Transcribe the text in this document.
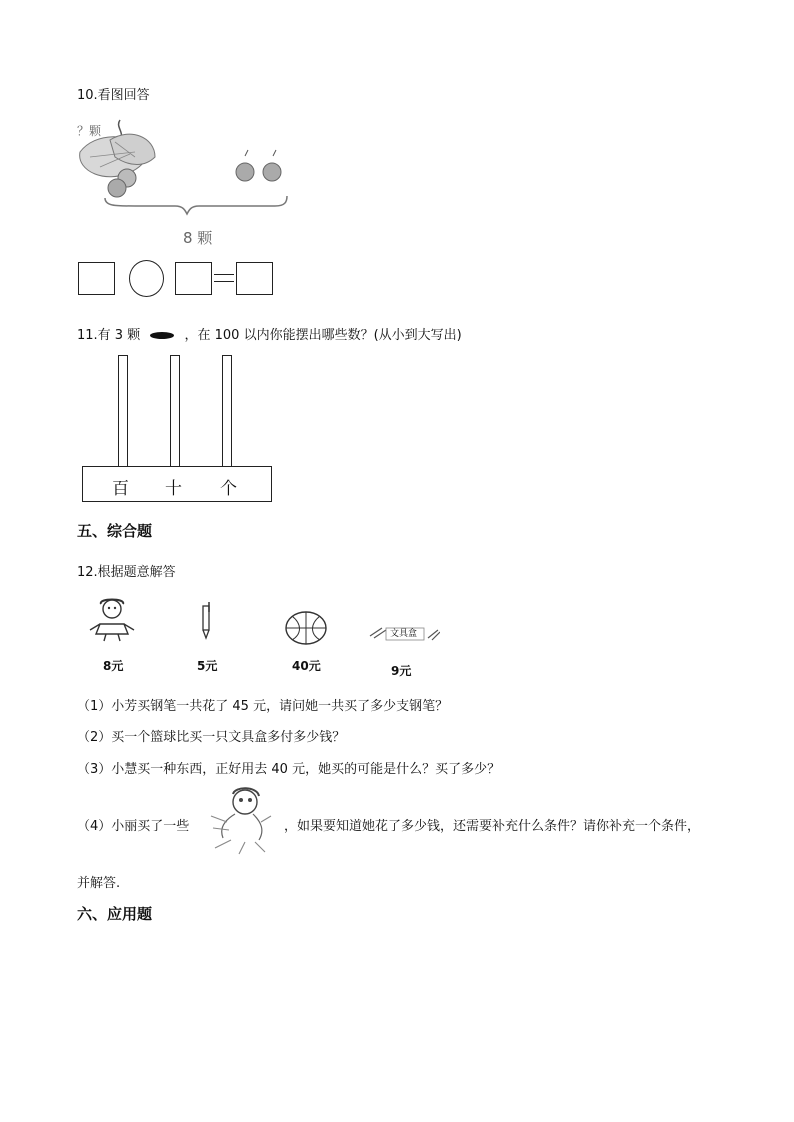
10.看图回答
？颗
8 颗
11.有 3 颗	，在 100 以内你能摆出哪些数？(从小到大写出)
百 十 个
五、综合题
12.根据题意解答
8元	5元	40元
文具盒
9元
（1）小芳买钢笔一共花了 45 元，请问她一共买了多少支钢笔？
（2）买一个篮球比买一只文具盒多付多少钱？
（3）小慧买一种东西，正好用去 40 元，她买的可能是什么？买了多少？
（4）小丽买了一些	，如果要知道她花了多少钱，还需要补充什么条件？请你补充一个条件，
并解答.
六、应用题
